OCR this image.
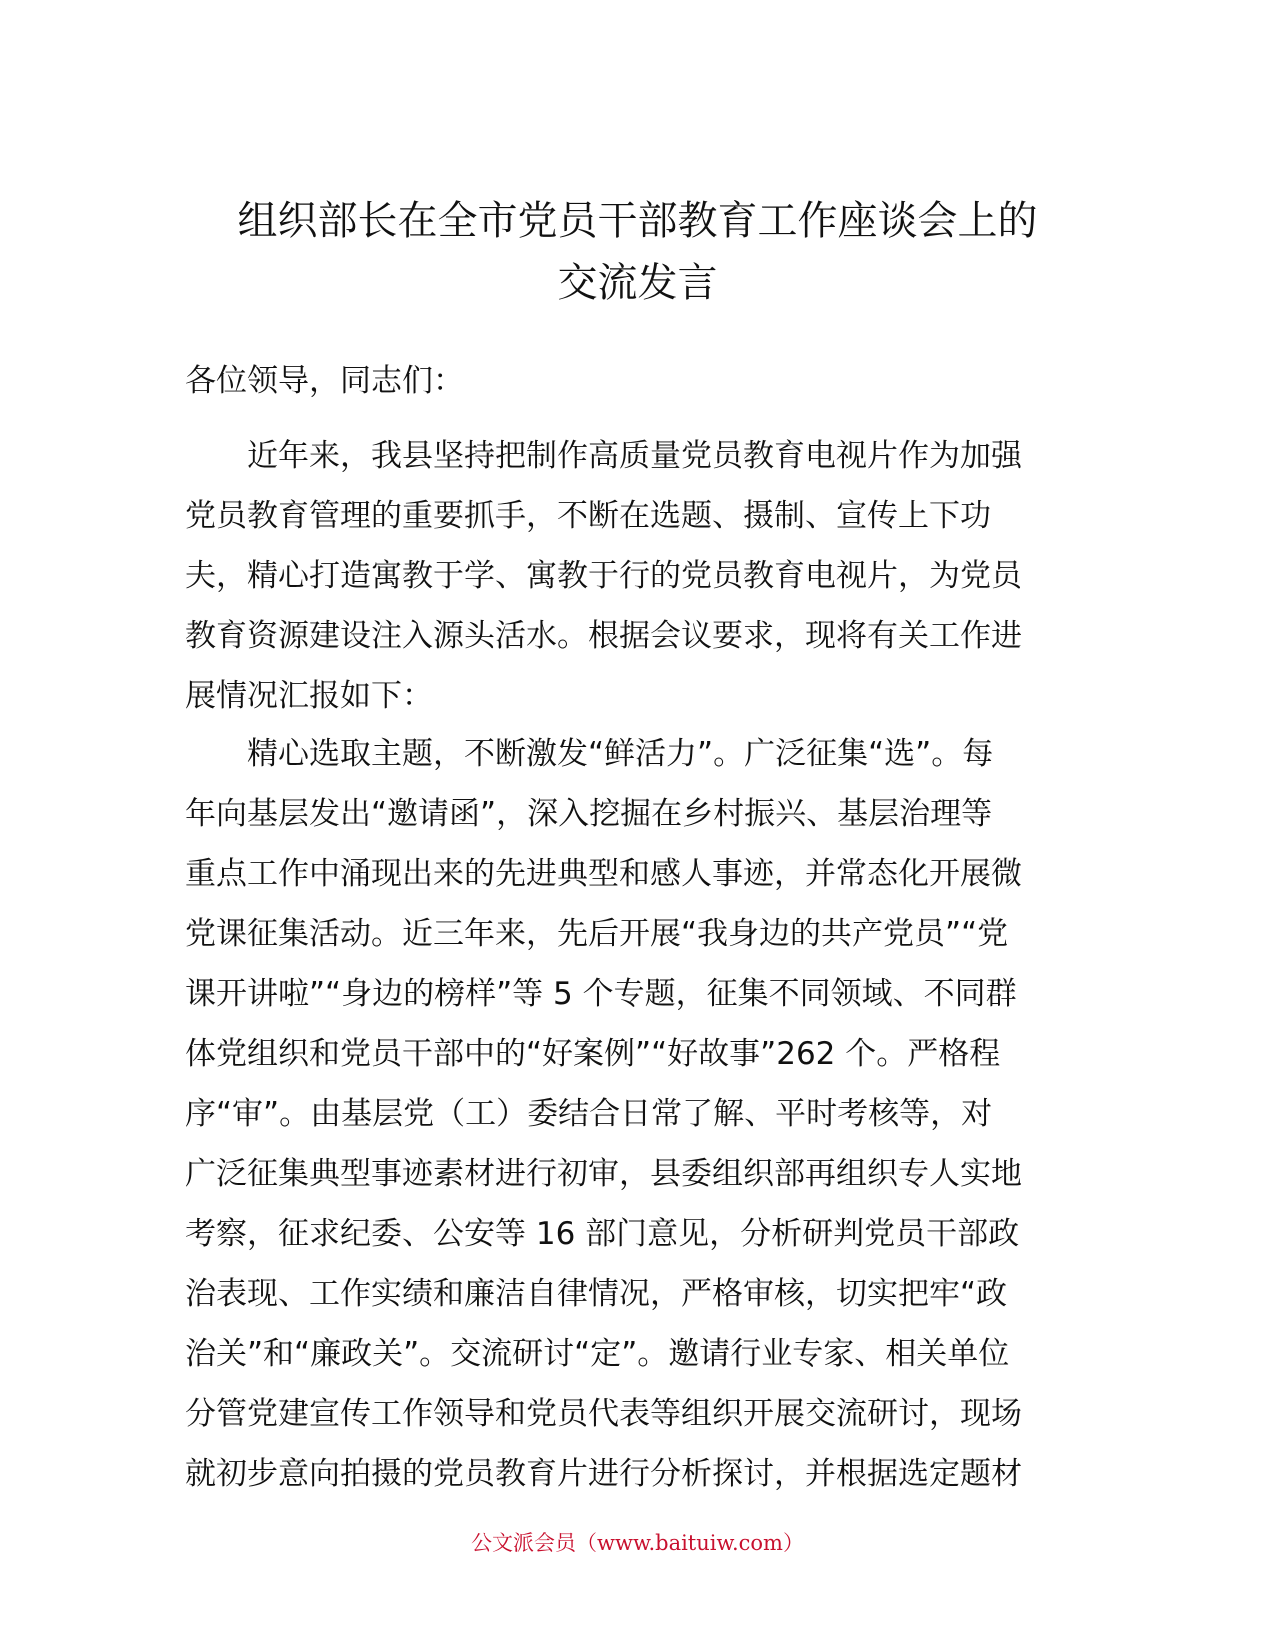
组织部长在全市党员干部教育工作座谈会上的
交流发言
各位领导，同志们：
近年来，我县坚持把制作高质量党员教育电视片作为加强
党员教育管理的重要抓手，不断在选题、摄制、宣传上下功
夫，精心打造寓教于学、寓教于行的党员教育电视片，为党员
教育资源建设注入源头活水。根据会议要求，现将有关工作进
展情况汇报如下：
精心选取主题，不断激发“鲜活力”。广泛征集“选”。每
年向基层发出“邀请函”，深入挖掘在乡村振兴、基层治理等
重点工作中涌现出来的先进典型和感人事迹，并常态化开展微
党课征集活动。近三年来，先后开展“我身边的共产党员”“党
课开讲啦”“身边的榜样”等 5 个专题，征集不同领域、不同群
体党组织和党员干部中的“好案例”“好故事”262 个。严格程
序“审”。由基层党（工）委结合日常了解、平时考核等，对
广泛征集典型事迹素材进行初审，县委组织部再组织专人实地
考察，征求纪委、公安等 16 部门意见，分析研判党员干部政
治表现、工作实绩和廉洁自律情况，严格审核，切实把牢“政
治关”和“廉政关”。交流研讨“定”。邀请行业专家、相关单位
分管党建宣传工作领导和党员代表等组织开展交流研讨，现场
就初步意向拍摄的党员教育片进行分析探讨，并根据选定题材
公文派会员（www.baituiw.com）
